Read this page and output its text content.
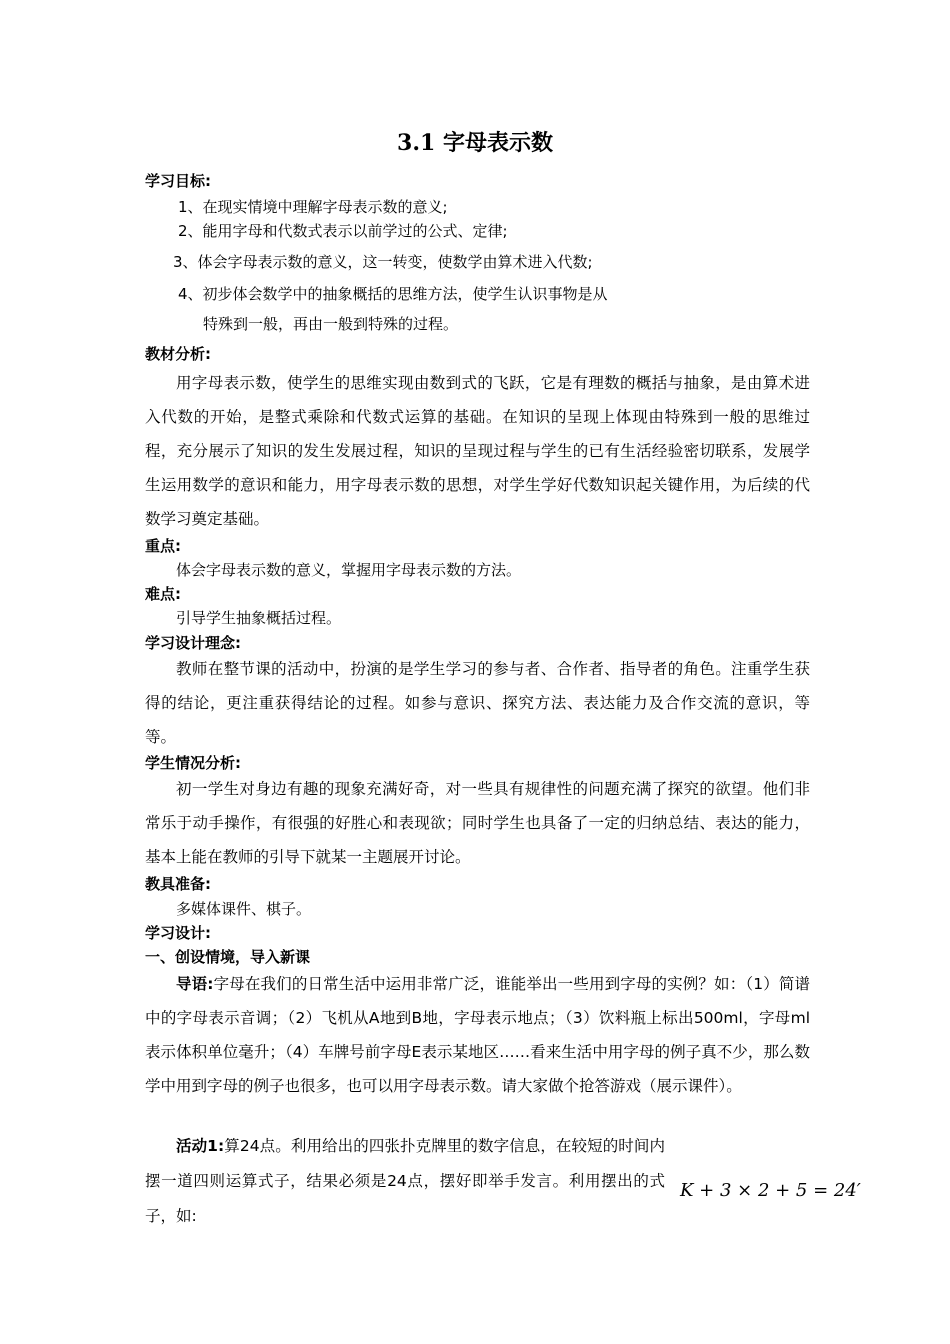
3.1 字母表示数
学习目标:
1、在现实情境中理解字母表示数的意义;
2、能用字母和代数式表示以前学过的公式、定律;
3、体会字母表示数的意义，这一转变，使数学由算术进入代数;
4、初步体会数学中的抽象概括的思维方法，使学生认识事物是从
特殊到一般，再由一般到特殊的过程。
教材分析:
用字母表示数，使学生的思维实现由数到式的飞跃，它是有理数的概括与抽象，是由算术进入代数的开始，是整式乘除和代数式运算的基础。在知识的呈现上体现由特殊到一般的思维过程，充分展示了知识的发生发展过程，知识的呈现过程与学生的已有生活经验密切联系，发展学生运用数学的意识和能力，用字母表示数的思想，对学生学好代数知识起关键作用，为后续的代数学习奠定基础。
重点:
体会字母表示数的意义，掌握用字母表示数的方法。
难点:
引导学生抽象概括过程。
学习设计理念:
教师在整节课的活动中，扮演的是学生学习的参与者、合作者、指导者的角色。注重学生获得的结论，更注重获得结论的过程。如参与意识、探究方法、表达能力及合作交流的意识，等等。
学生情况分析:
初一学生对身边有趣的现象充满好奇，对一些具有规律性的问题充满了探究的欲望。他们非常乐于动手操作，有很强的好胜心和表现欲；同时学生也具备了一定的归纳总结、表达的能力，基本上能在教师的引导下就某一主题展开讨论。
教具准备:
多媒体课件、棋子。
学习设计:
一、创设情境，导入新课
导语:字母在我们的日常生活中运用非常广泛，谁能举出一些用到字母的实例？如：（1）简谱中的字母表示音调；（2）飞机从A地到B地，字母表示地点；（3）饮料瓶上标出500ml，字母ml表示体积单位毫升；（4）车牌号前字母E表示某地区……看来生活中用字母的例子真不少，那么数学中用到字母的例子也很多，也可以用字母表示数。请大家做个抢答游戏（展示课件）。
活动1:算24点。利用给出的四张扑克牌里的数字信息，在较短的时间内摆一道四则运算式子，结果必须是24点，摆好即举手发言。利用摆出的式子，如:
K + 3 × 2 + 5 = 24′
